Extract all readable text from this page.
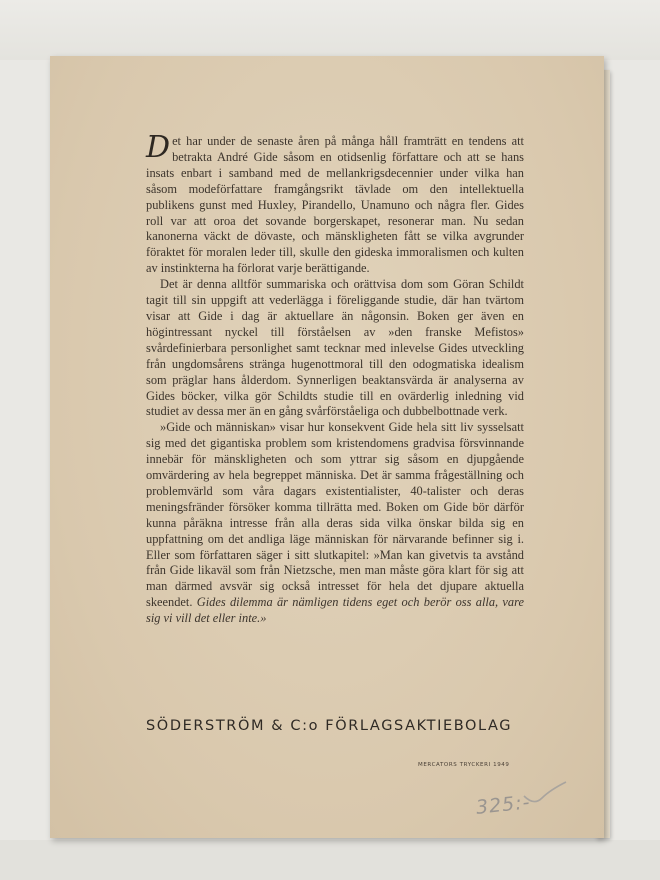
Det har under de senaste åren på många håll framträtt en tendens att betrakta André Gide såsom en otidsenlig författare och att se hans insats enbart i samband med de mellankrigsdecennier under vilka han såsom modeförfattare framgångsrikt tävlade om den intellektuella publikens gunst med Huxley, Pirandello, Unamuno och några fler. Gides roll var att oroa det sovande borgerskapet, resonerar man. Nu sedan kanonerna väckt de dövaste, och mänskligheten fått se vilka avgrunder föraktet för moralen leder till, skulle den gideska immoralismen och kulten av instinkterna ha förlorat varje berättigande.

Det är denna alltför summariska och orättvisa dom som Göran Schildt tagit till sin uppgift att vederlägga i föreliggande studie, där han tvärtom visar att Gide i dag är aktuellare än någonsin. Boken ger även en högintressant nyckel till förståelsen av »den franske Mefistos» svårdefinierbara personlighet samt tecknar med inlevelse Gides utveckling från ungdomsårens stränga hugenottmoral till den odogmatiska idealism som präglar hans ålderdom. Synnerligen beaktansvärda är analyserna av Gides böcker, vilka gör Schildts studie till en ovärderlig inledning vid studiet av dessa mer än en gång svårförståeliga och dubbelbottnade verk.

»Gide och människan» visar hur konsekvent Gide hela sitt liv sysselsatt sig med det gigantiska problem som kristendomens gradvisa försvinnande innebär för mänskligheten och som yttrar sig såsom en djupgående omvärdering av hela begreppet människa. Det är samma frågeställning och problemvärld som våra dagars existentialister, 40-talister och deras meningsfränder försöker komma tillrätta med. Boken om Gide bör därför kunna påräkna intresse från alla deras sida vilka önskar bilda sig en uppfattning om det andliga läge människan för närvarande befinner sig i. Eller som författaren säger i sitt slutkapitel: »Man kan givetvis ta avstånd från Gide likaväl som från Nietzsche, men man måste göra klart för sig att man därmed avsvär sig också intresset för hela det djupare aktuella skeendet. Gides dilemma är nämligen tidens eget och berör oss alla, vare sig vi vill det eller inte.»

SÖDERSTRÖM & C:o FÖRLAGSAKTIEBOLAG
MERCATORS TRYCKERI 1949
325:-
